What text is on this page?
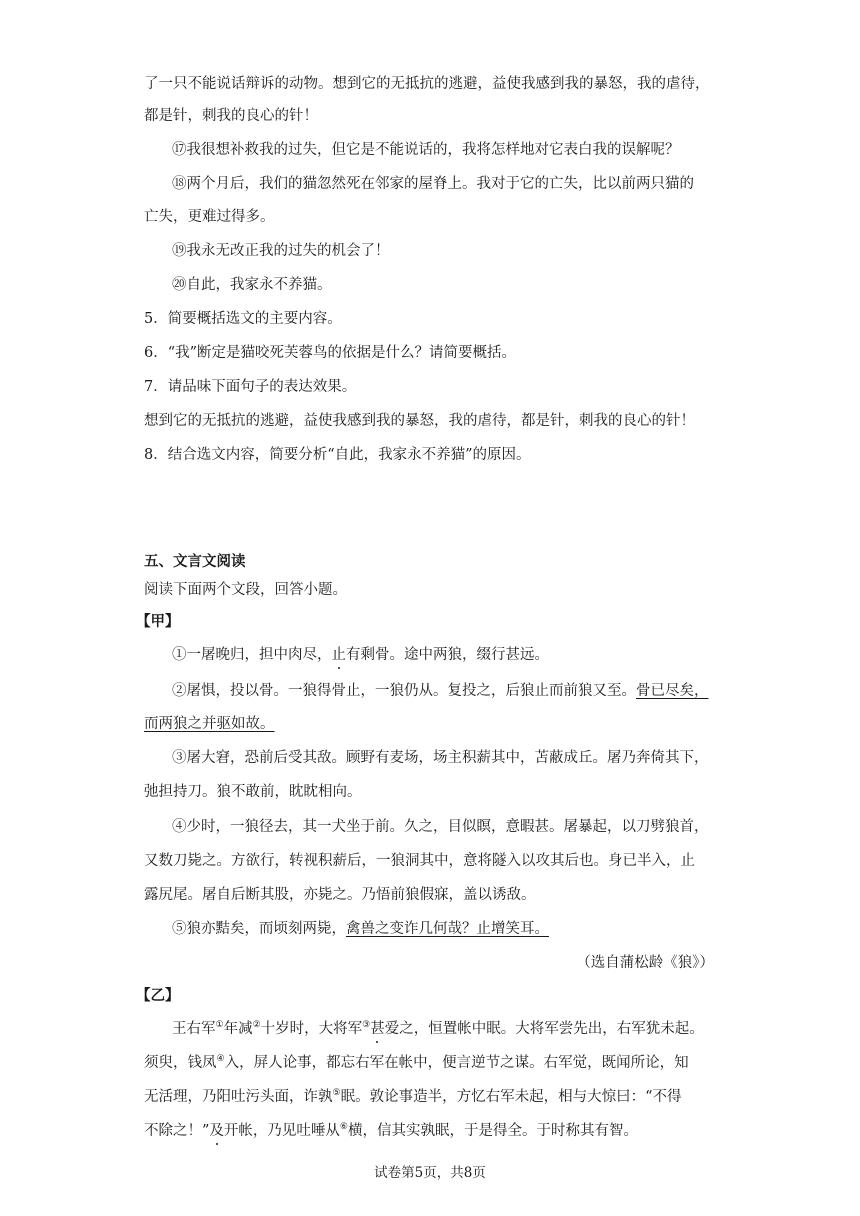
了一只不能说话辩诉的动物。想到它的无抵抗的逃避，益使我感到我的暴怒，我的虐待，
都是针，刺我的良心的针！
⑰我很想补救我的过失，但它是不能说话的，我将怎样地对它表白我的误解呢？
⑱两个月后，我们的猫忽然死在邻家的屋脊上。我对于它的亡失，比以前两只猫的
亡失，更难过得多。
⑲我永无改正我的过失的机会了！
⑳自此，我家永不养猫。
5．简要概括选文的主要内容。
6．“我”断定是猫咬死芙蓉鸟的依据是什么？请简要概括。
7．请品味下面句子的表达效果。
想到它的无抵抗的逃避，益使我感到我的暴怒，我的虐待，都是针，刺我的良心的针！
8．结合选文内容，简要分析“自此，我家永不养猫”的原因。
五、文言文阅读
阅读下面两个文段，回答小题。
【甲】
①一屠晚归，担中肉尽，止有剩骨。途中两狼，缀行甚远。
②屠惧，投以骨。一狼得骨止，一狼仍从。复投之，后狼止而前狼又至。骨已尽矣，
而两狼之并驱如故。
③屠大窘，恐前后受其敌。顾野有麦场，场主积薪其中，苫蔽成丘。屠乃奔倚其下，
弛担持刀。狼不敢前，眈眈相向。
④少时，一狼径去，其一犬坐于前。久之，目似瞑，意暇甚。屠暴起，以刀劈狼首，
又数刀毙之。方欲行，转视积薪后，一狼洞其中，意将隧入以攻其后也。身已半入，止
露尻尾。屠自后断其股，亦毙之。乃悟前狼假寐，盖以诱敌。
⑤狼亦黠矣，而顷刻两毙，禽兽之变诈几何哉？止增笑耳。
（选自蒲松龄《狼》）
【乙】
王右军①年减②十岁时，大将军③甚爱之，恒置帐中眠。大将军尝先出，右军犹未起。
须臾，钱凤④入，屏人论事，都忘右军在帐中，便言逆节之谋。右军觉，既闻所论，知
无活理，乃阳吐污头面，诈孰⑤眠。敦论事造半，方忆右军未起，相与大惊曰：“不得
不除之！”及开帐，乃见吐唾从⑥横，信其实孰眠，于是得全。于时称其有智。
试卷第5页，共8页
